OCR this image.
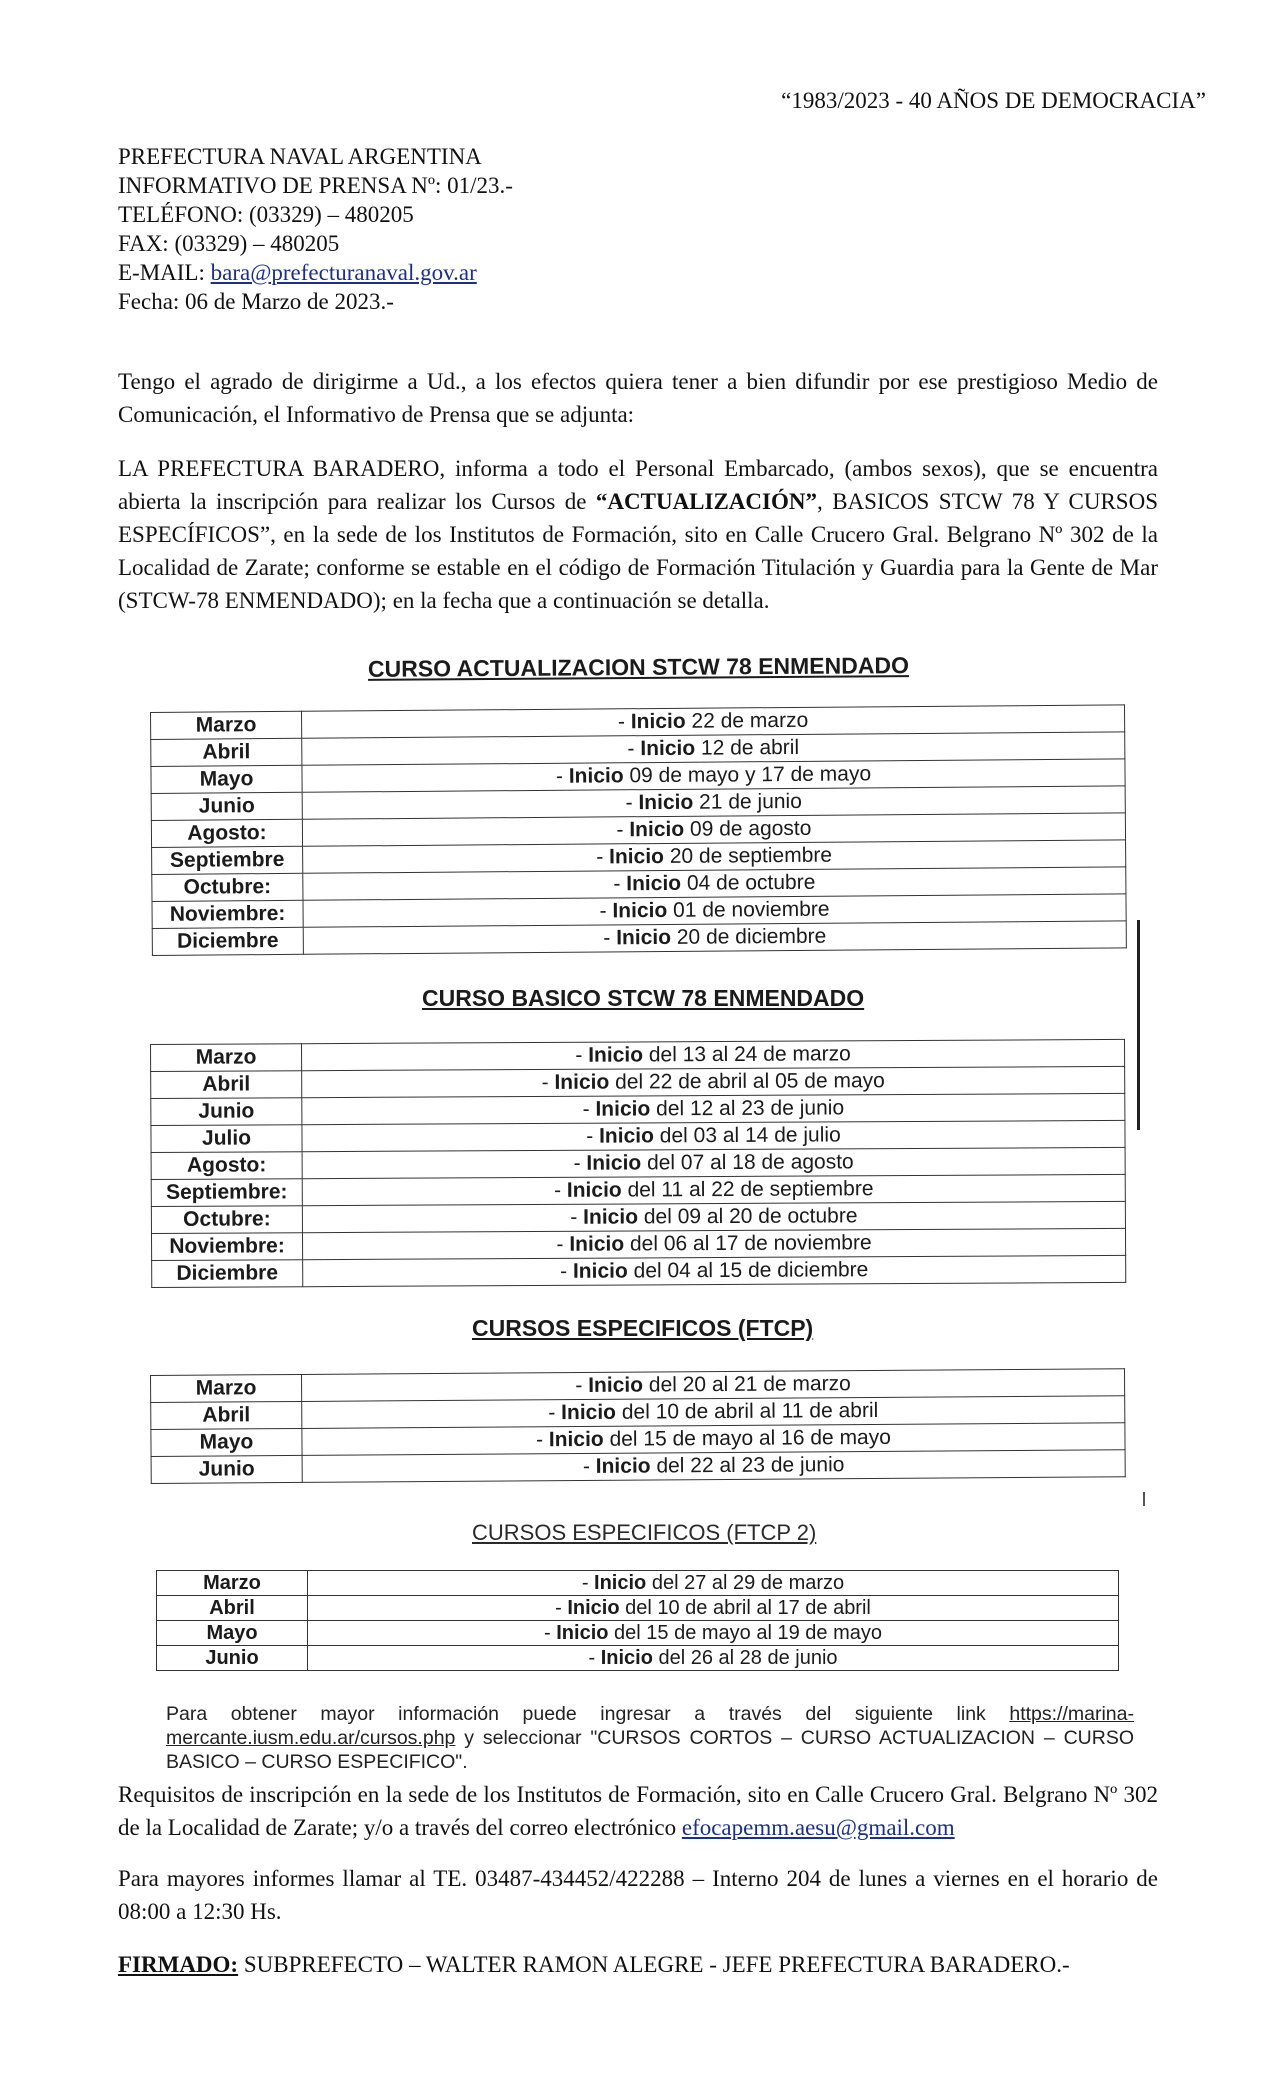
“1983/2023 - 40 AÑOS DE DEMOCRACIA”
PREFECTURA NAVAL ARGENTINA
INFORMATIVO DE PRENSA Nº: 01/23.-
TELÉFONO: (03329) – 480205
FAX: (03329) – 480205
E-MAIL: bara@prefecturanaval.gov.ar
Fecha: 06 de Marzo de 2023.-
Tengo el agrado de dirigirme a Ud., a los efectos quiera tener a bien difundir por ese prestigioso Medio de Comunicación, el Informativo de Prensa que se adjunta:
LA PREFECTURA BARADERO, informa a todo el Personal Embarcado, (ambos sexos), que se encuentra abierta la inscripción para realizar los Cursos de “ACTUALIZACIÓN”, BASICOS STCW 78 Y CURSOS ESPECÍFICOS”, en la sede de los Institutos de Formación, sito en Calle Crucero Gral. Belgrano Nº 302 de la Localidad de Zarate; conforme se estable en el código de Formación Titulación y Guardia para la Gente de Mar (STCW-78 ENMENDADO); en la fecha que a continuación se detalla.
CURSO ACTUALIZACION STCW 78 ENMENDADO
Marzo	- Inicio 22 de marzo
Abril	- Inicio 12 de abril
Mayo	- Inicio 09 de mayo y 17 de mayo
Junio	- Inicio 21 de junio
Agosto:	- Inicio 09 de agosto
Septiembre	- Inicio 20 de septiembre
Octubre:	- Inicio 04 de octubre
Noviembre:	- Inicio 01 de noviembre
Diciembre	- Inicio 20 de diciembre
CURSO BASICO STCW 78 ENMENDADO
Marzo	- Inicio del 13 al 24 de marzo
Abril	- Inicio del 22 de abril al 05 de mayo
Junio	- Inicio del 12 al 23 de junio
Julio	- Inicio del 03 al 14 de julio
Agosto:	- Inicio del 07 al 18 de agosto
Septiembre:	- Inicio del 11 al 22 de septiembre
Octubre:	- Inicio del 09 al 20 de octubre
Noviembre:	- Inicio del 06 al 17 de noviembre
Diciembre	- Inicio del 04 al 15 de diciembre
CURSOS ESPECIFICOS (FTCP)
Marzo	- Inicio del 20 al 21 de marzo
Abril	- Inicio del 10 de abril al 11 de abril
Mayo	- Inicio del 15 de mayo al 16 de mayo
Junio	- Inicio del 22 al 23 de junio
CURSOS ESPECIFICOS (FTCP 2)
Marzo	- Inicio del 27 al 29 de marzo
Abril	- Inicio del 10 de abril al 17 de abril
Mayo	- Inicio del 15 de mayo al 19 de mayo
Junio	- Inicio del 26 al 28 de junio
Para obtener mayor información puede ingresar a través del siguiente link https://marina-mercante.iusm.edu.ar/cursos.php y seleccionar "CURSOS CORTOS – CURSO ACTUALIZACION – CURSO BASICO – CURSO ESPECIFICO".
Requisitos de inscripción en la sede de los Institutos de Formación, sito en Calle Crucero Gral. Belgrano Nº 302 de la Localidad de Zarate; y/o a través del correo electrónico efocapemm.aesu@gmail.com
Para mayores informes llamar al TE. 03487-434452/422288 – Interno 204 de lunes a viernes en el horario de 08:00 a 12:30 Hs.
FIRMADO: SUBPREFECTO – WALTER RAMON ALEGRE - JEFE PREFECTURA BARADERO.-
